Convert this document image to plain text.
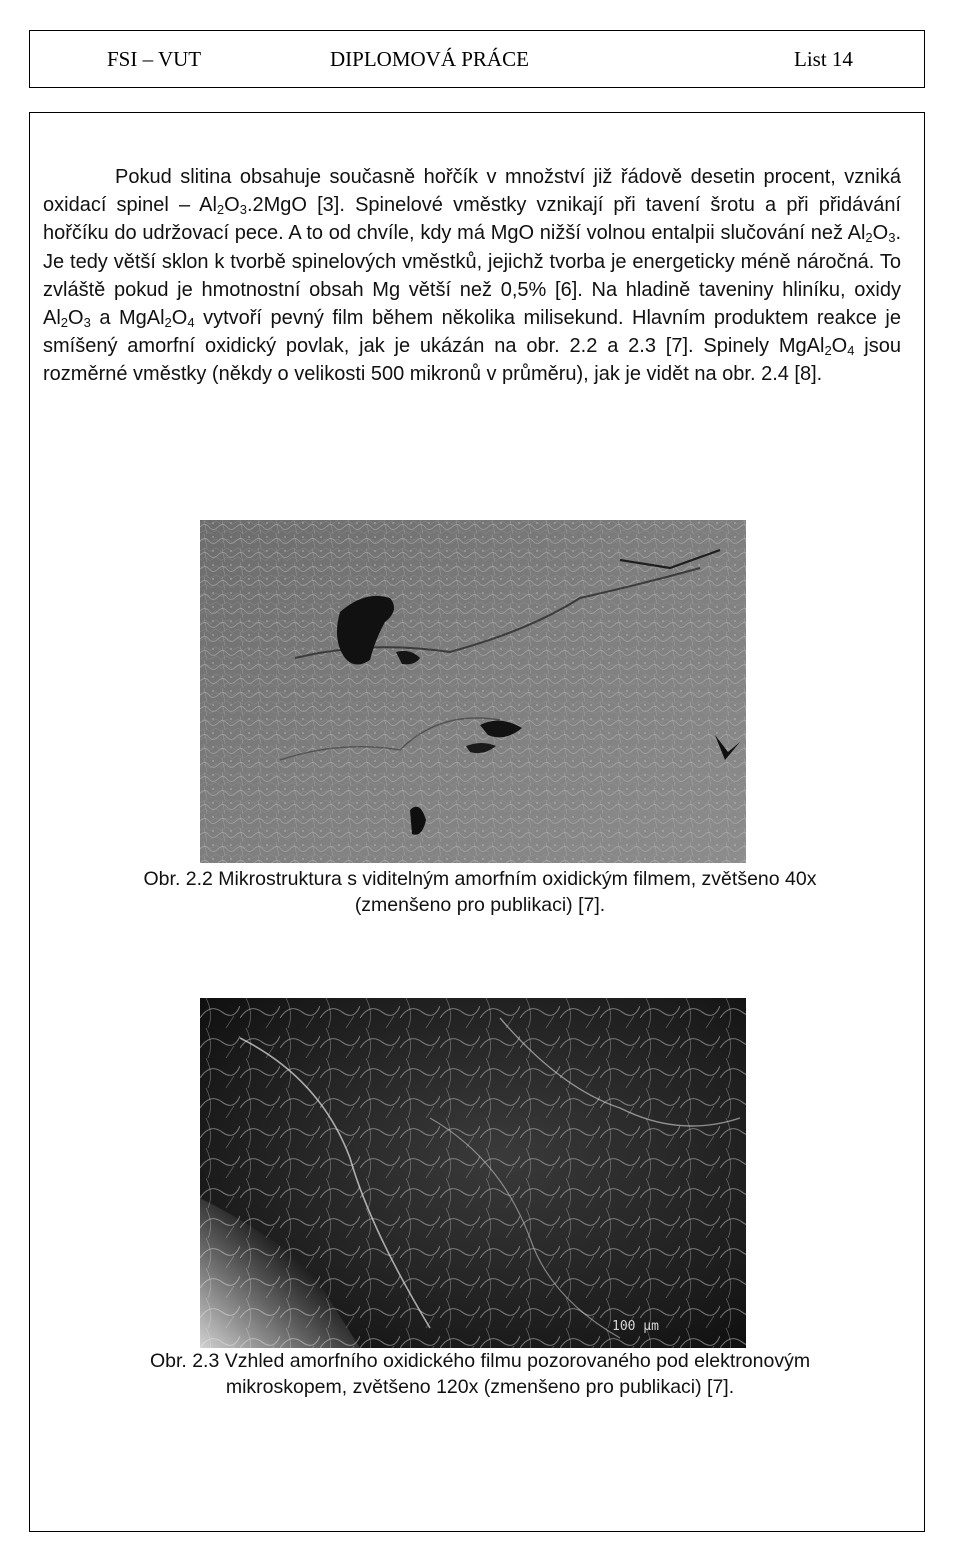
FSI – VUT	DIPLOMOVÁ PRÁCE	List 14

Pokud slitina obsahuje současně hořčík v množství již řádově desetin procent, vzniká oxidací spinel – $Al_2O_3.2MgO$ [3]. Spinelové vměstky vznikají při tavení šrotu a při přidávání hořčíku do udržovací pece. A to od chvíle, kdy má MgO nižší volnou entalpii slučování než $Al_2O_3$. Je tedy větší sklon k tvorbě spinelových vměstků, jejichž tvorba je energeticky méně náročná. To zvláště pokud je hmotnostní obsah Mg větší než 0,5% [6]. Na hladině taveniny hliníku, oxidy $Al_2O_3$ a $MgAl_2O_4$ vytvoří pevný film během několika milisekund. Hlavním produktem reakce je smíšený amorfní oxidický povlak, jak je ukázán na obr. 2.2 a 2.3 [7]. Spinely $MgAl_2O_4$ jsou rozměrné vměstky (někdy o velikosti 500 mikronů v průměru), jak je vidět na obr. 2.4 [8].

Obr. 2.2 Mikrostruktura s viditelným amorfním oxidickým filmem, zvětšeno 40x
(zmenšeno pro publikaci) [7].

100 µm

Obr. 2.3 Vzhled amorfního oxidického filmu pozorovaného pod elektronovým
mikroskopem, zvětšeno 120x (zmenšeno pro publikaci) [7].
